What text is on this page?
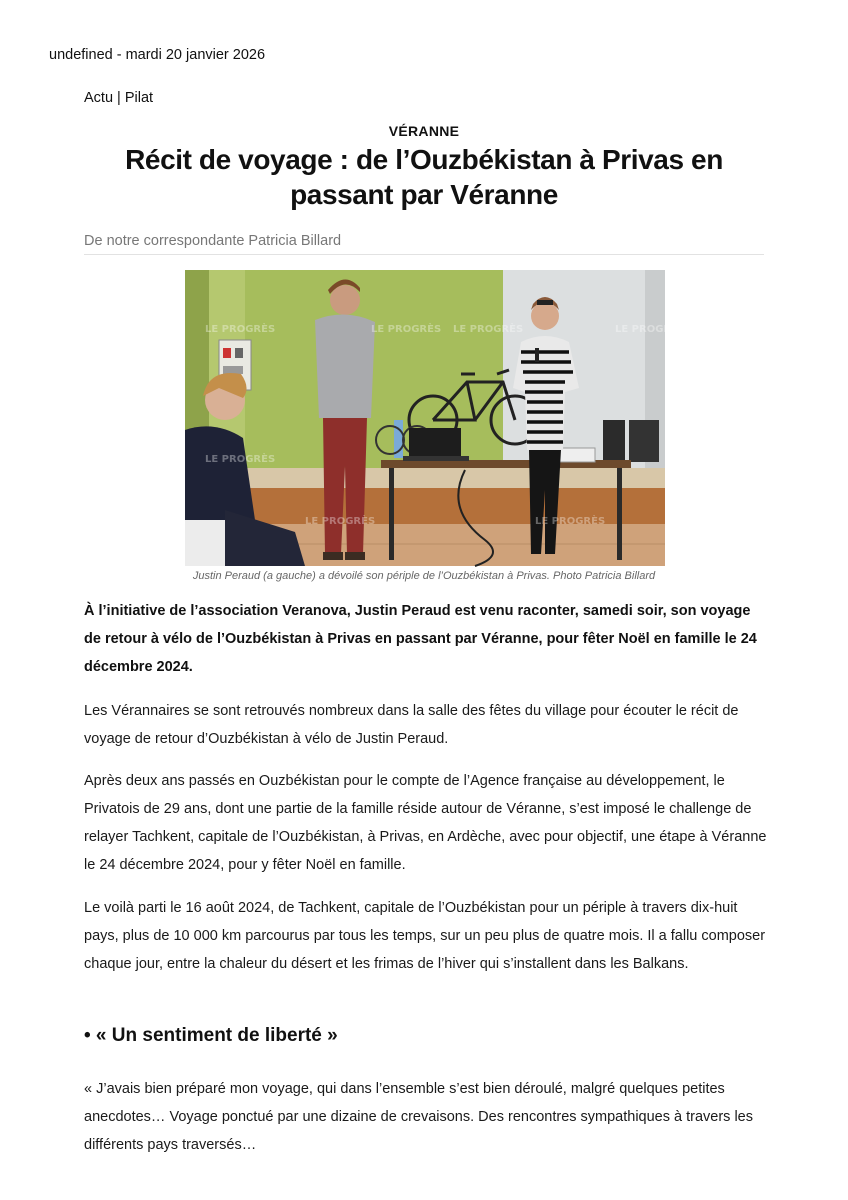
undefined - mardi 20 janvier 2026
Actu | Pilat
VÉRANNE
Récit de voyage : de l’Ouzbékistan à Privas en passant par Véranne
De notre correspondante Patricia Billard
LE PROGRÈS	LE PROGRÈS LE PROGRÈS	LE PROGRÈS
LE PROGRÈS
LE PROGRÈS	LE PROGRÈS
Justin Peraud (a gauche) a dévoilé son périple de l’Ouzbékistan à Privas. Photo Patricia Billard

À l’initiative de l’association Veranova, Justin Peraud est venu raconter, samedi soir, son voyage de retour à vélo de l’Ouzbékistan à Privas en passant par Véranne, pour fêter Noël en famille le 24 décembre 2024.

Les Vérannaires se sont retrouvés nombreux dans la salle des fêtes du village pour écouter le récit de voyage de retour d’Ouzbékistan à vélo de Justin Peraud.

Après deux ans passés en Ouzbékistan pour le compte de l’Agence française au développement, le Privatois de 29 ans, dont une partie de la famille réside autour de Véranne, s’est imposé le challenge de relayer Tachkent, capitale de l’Ouzbékistan, à Privas, en Ardèche, avec pour objectif, une étape à Véranne le 24 décembre 2024, pour y fêter Noël en famille.

Le voilà parti le 16 août 2024, de Tachkent, capitale de l’Ouzbékistan pour un périple à travers dix-huit pays, plus de 10 000 km parcourus par tous les temps, sur un peu plus de quatre mois. Il a fallu composer chaque jour, entre la chaleur du désert et les frimas de l’hiver qui s’installent dans les Balkans.

• « Un sentiment de liberté »

« J’avais bien préparé mon voyage, qui dans l’ensemble s’est bien déroulé, malgré quelques petites anecdotes… Voyage ponctué par une dizaine de crevaisons. Des rencontres sympathiques à travers les différents pays traversés…
